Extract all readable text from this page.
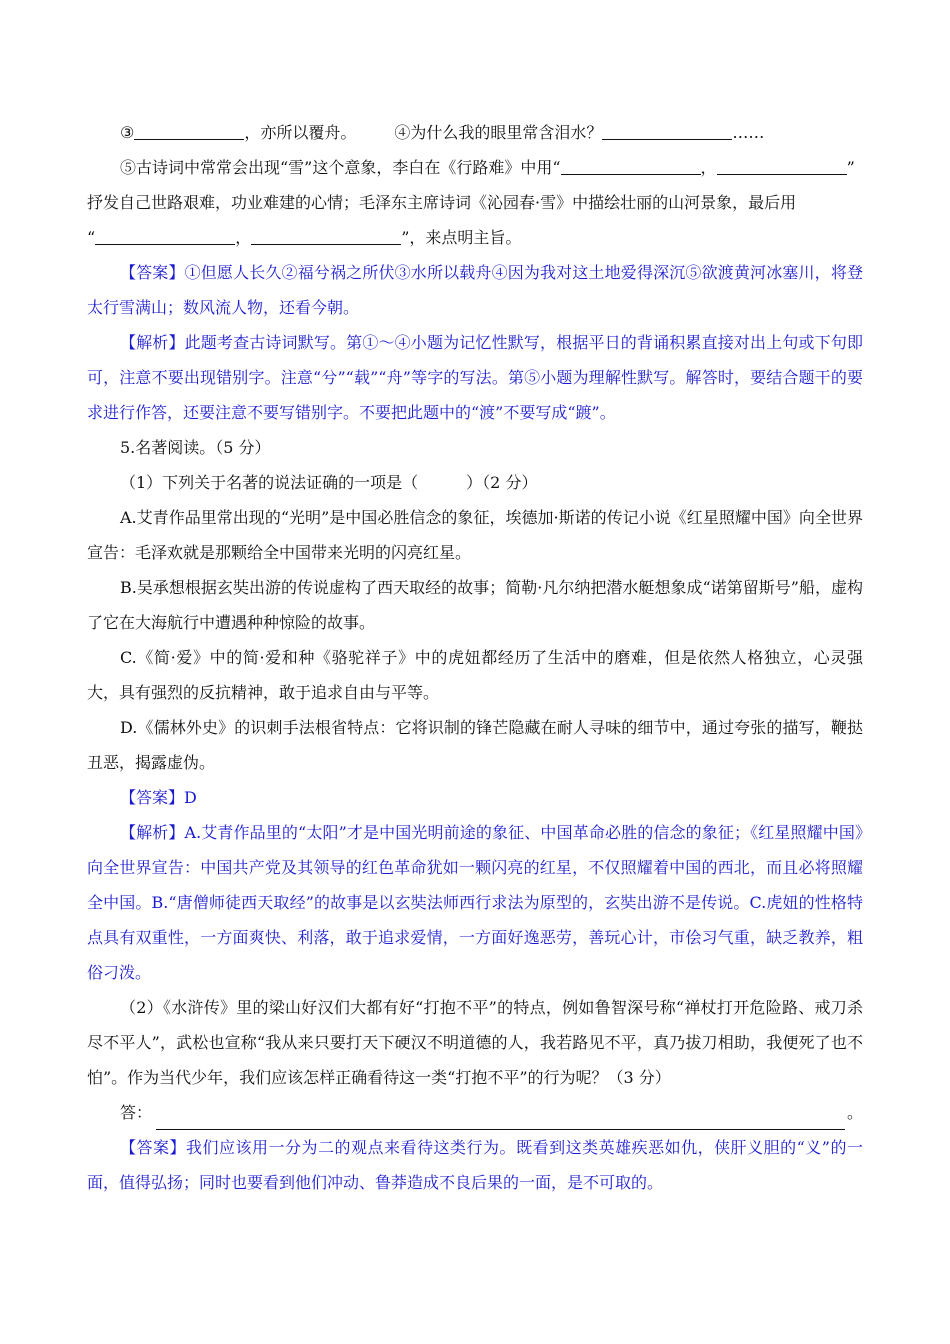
③	，亦所以覆舟。 ④为什么我的眼里常含泪水？	……

⑤古诗词中常常会出现“雪”这个意象，李白在《行路难》中用“	，	”

抒发自己世路艰难，功业难建的心情；毛泽东主席诗词《沁园春·雪》中描绘壮丽的山河景象，最后用

“	，	”，来点明主旨。

【答案】①但愿人长久②福兮祸之所伏③水所以载舟④因为我对这土地爱得深沉⑤欲渡黄河冰塞川，将登太行雪满山；数风流人物，还看今朝。

【解析】此题考查古诗词默写。第①～④小题为记忆性默写，根据平日的背诵积累直接对出上句或下句即可，注意不要出现错别字。注意“兮”“载”“舟”等字的写法。第⑤小题为理解性默写。解答时，要结合题干的要求进行作答，还要注意不要写错别字。不要把此题中的“渡”不要写成“踱”。

5.名著阅读。（5 分）

（1）下列关于名著的说法证确的一项是（　　　）（2 分）

A.艾青作品里常出现的“光明”是中国必胜信念的象征，埃德加·斯诺的传记小说《红星照耀中国》向全世界宣告：毛泽欢就是那颗给全中国带来光明的闪亮红星。

B.吴承想根据玄奘出游的传说虚构了西天取经的故事；简勒·凡尔纳把潜水艇想象成“诺第留斯号”船，虚构了它在大海航行中遭遇种种惊险的故事。

C.《简·爱》中的简·爱和种《骆驼祥子》中的虎妞都经历了生活中的磨难，但是依然人格独立，心灵强大，具有强烈的反抗精神，敢于追求自由与平等。

D.《儒林外史》的识刺手法根省特点：它将识制的锋芒隐藏在耐人寻味的细节中，通过夸张的描写，鞭挞丑恶，揭露虚伪。

【答案】D

【解析】A.艾青作品里的“太阳”才是中国光明前途的象征、中国革命必胜的信念的象征；《红星照耀中国》向全世界宣告：中国共产党及其领导的红色革命犹如一颗闪亮的红星，不仅照耀着中国的西北，而且必将照耀全中国。B.“唐僧师徒西天取经”的故事是以玄奘法师西行求法为原型的，玄奘出游不是传说。C.虎妞的性格特点具有双重性，一方面爽快、利落，敢于追求爱情，一方面好逸恶劳，善玩心计，市侩习气重，缺乏教养，粗俗刁泼。

（2）《水浒传》里的梁山好汉们大都有好“打抱不平”的特点，例如鲁智深号称“禅杖打开危险路、戒刀杀尽不平人”，武松也宣称“我从来只要打天下硬汉不明道德的人，我若路见不平，真乃拔刀相助，我便死了也不怕”。作为当代少年，我们应该怎样正确看待这一类“打抱不平”的行为呢？（3 分）

答：	。

【答案】我们应该用一分为二的观点来看待这类行为。既看到这类英雄疾恶如仇，侠肝义胆的“义”的一面，值得弘扬；同时也要看到他们冲动、鲁莽造成不良后果的一面，是不可取的。
